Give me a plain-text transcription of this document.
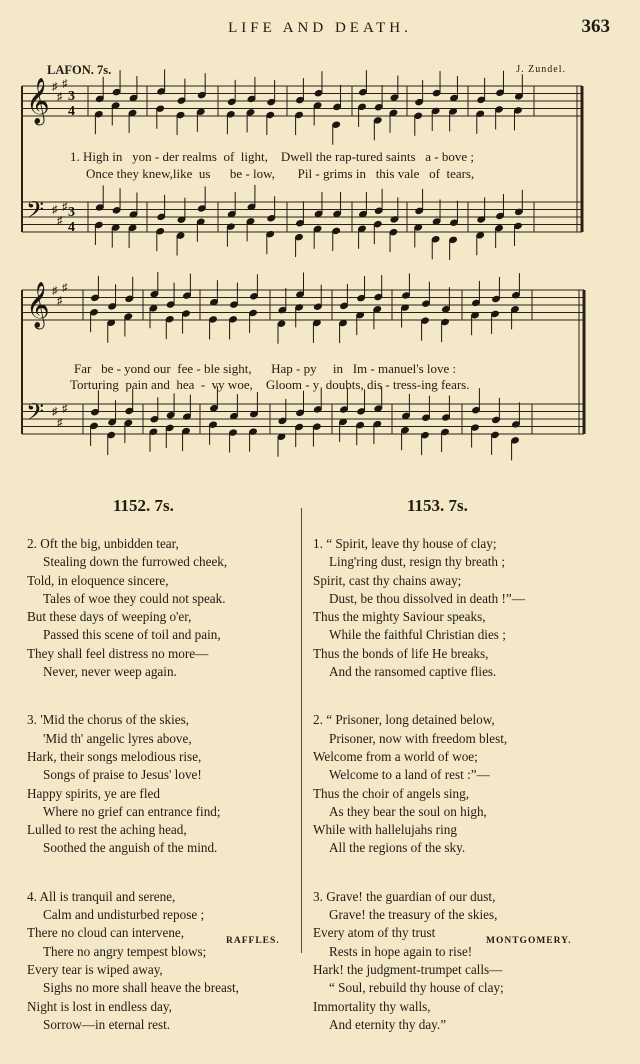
LIFE AND DEATH.	363
LAFON. 7s.	J. Zundel.
𝄞 ♯
♯
♯
3
4
𝄢 ♯
♯
♯ 3
4
𝄞 ♯
♯
♯
𝄢 ♯
♯
♯
1. High in   yon - der realms  of  light,    Dwell the rap-tured saints   a - bove ;
Once they knew,like  us      be - low,       Pil - grims in   this vale   of  tears,
Far   be - yond our  fee - ble sight,      Hap - py     in   Im - manuel's love :
Torturing  pain and  hea  -  vy woe,    Gloom - y  doubts, dis - tress-ing fears.
1152. 7s.	1153. 7s.
2. Oft the big, unbidden tear,
Stealing down the furrowed cheek,
Told, in eloquence sincere,
Tales of woe they could not speak.
But these days of weeping o'er,
Passed this scene of toil and pain,
They shall feel distress no more—
Never, never weep again.
3. 'Mid the chorus of the skies,
'Mid th' angelic lyres above,
Hark, their songs melodious rise,
Songs of praise to Jesus' love!
Happy spirits, ye are fled
Where no grief can entrance find;
Lulled to rest the aching head,
Soothed the anguish of the mind.
4. All is tranquil and serene,
Calm and undisturbed repose ;
There no cloud can intervene,
There no angry tempest blows;
Every tear is wiped away,
Sighs no more shall heave the breast,
Night is lost in endless day,
Sorrow—in eternal rest.
1. “ Spirit, leave thy house of clay;
Ling'ring dust, resign thy breath ;
Spirit, cast thy chains away;
Dust, be thou dissolved in death !”—
Thus the mighty Saviour speaks,
While the faithful Christian dies ;
Thus the bonds of life He breaks,
And the ransomed captive flies.
2. “ Prisoner, long detained below,
Prisoner, now with freedom blest,
Welcome from a world of woe;
Welcome to a land of rest :”—
Thus the choir of angels sing,
As they bear the soul on high,
While with hallelujahs ring
All the regions of the sky.
3. Grave! the guardian of our dust,
Grave! the treasury of the skies,
Every atom of thy trust
Rests in hope again to rise!
Hark! the judgment-trumpet calls—
“ Soul, rebuild thy house of clay;
Immortality thy walls,
And eternity thy day.”
RAFFLES.	MONTGOMERY.
